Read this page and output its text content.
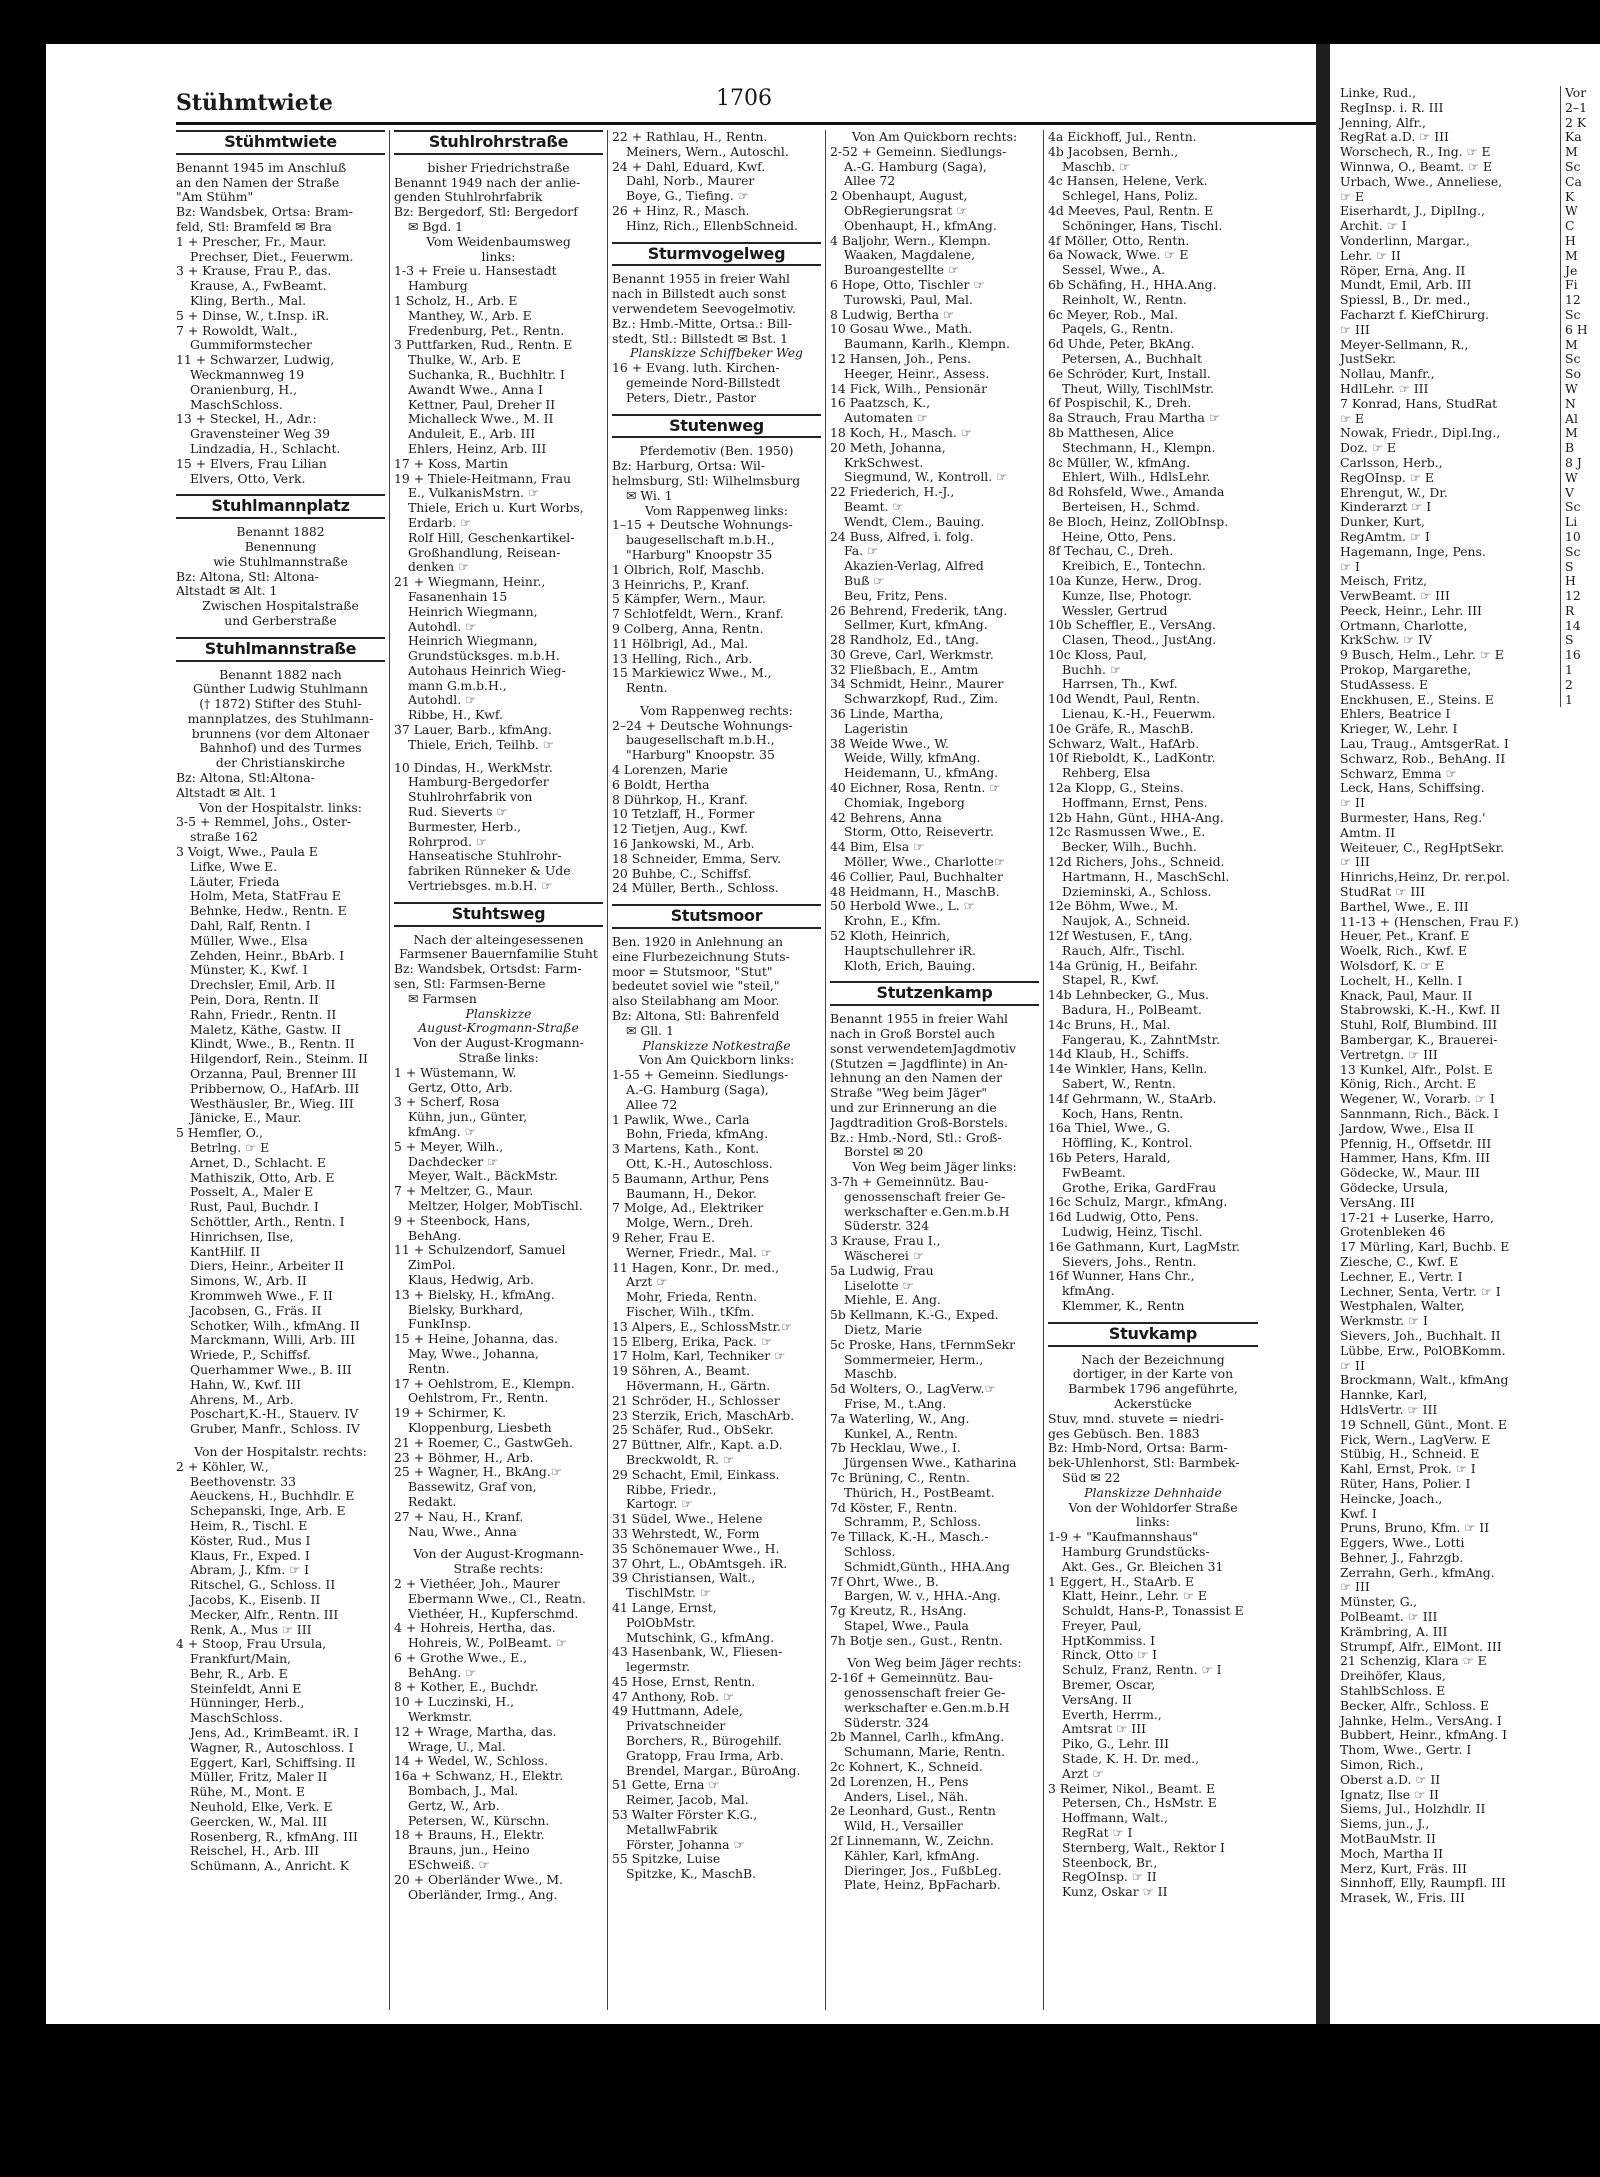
Stühmtwiete	1706
Stühmtwiete
Benannt 1945 im Anschluß
an den Namen der Straße
"Am Stühm"
Bz: Wandsbek, Ortsa: Bram-
feld, Stl: Bramfeld ✉ Bra
1 + Prescher, Fr., Maur.
Prechser, Diet., Feuerwm.
3 + Krause, Frau P., das.
Krause, A., FwBeamt.
Kling, Berth., Mal.
5 + Dinse, W., t.Insp. iR.
7 + Rowoldt, Walt.,
Gummiformstecher
11 + Schwarzer, Ludwig,
Weckmannweg 19
Oranienburg, H.,
MaschSchloss.
13 + Steckel, H., Adr.:
Gravensteiner Weg 39
Lindzadia, H., Schlacht.
15 + Elvers, Frau Lilian
Elvers, Otto, Verk.
Stuhlmannplatz
Benannt 1882
Benennung
wie Stuhlmannstraße
Bz: Altona, Stl: Altona-
Altstadt ✉ Alt. 1
Zwischen Hospitalstraße
und Gerberstraße
Stuhlmannstraße
Benannt 1882 nach
Günther Ludwig Stuhlmann
(† 1872) Stifter des Stuhl-
mannplatzes, des Stuhlmann-
brunnens (vor dem Altonaer
Bahnhof) und des Turmes
der Christianskirche
Bz: Altona, Stl:Altona-
Altstadt ✉ Alt. 1
Von der Hospitalstr. links:
3-5 + Remmel, Johs., Oster-
straße 162
3 Voigt, Wwe., Paula E
Lifke, Wwe E.
Läuter, Frieda
Holm, Meta, StatFrau E
Behnke, Hedw., Rentn. E
Dahl, Ralf, Rentn. I
Müller, Wwe., Elsa
Zehden, Heinr., BbArb. I
Münster, K., Kwf. I
Drechsler, Emil, Arb. II
Pein, Dora, Rentn. II
Rahn, Friedr., Rentn. II
Maletz, Käthe, Gastw. II
Klindt, Wwe., B., Rentn. II
Hilgendorf, Rein., Steinm. II
Orzanna, Paul, Brenner III
Pribbernow, O., HafArb. III
Westhäusler, Br., Wieg. III
Jänicke, E., Maur.
5 Hemfler, O.,
Betrlng. ☞ E
Arnet, D., Schlacht. E
Mathiszik, Otto, Arb. E
Posselt, A., Maler E
Rust, Paul, Buchdr. I
Schöttler, Arth., Rentn. I
Hinrichsen, Ilse,
KantHilf. II
Diers, Heinr., Arbeiter II
Simons, W., Arb. II
Krommweh Wwe., F. II
Jacobsen, G., Fräs. II
Schotker, Wilh., kfmAng. II
Marckmann, Willi, Arb. III
Wriede, P., Schiffsf.
Querhammer Wwe., B. III
Hahn, W., Kwf. III
Ahrens, M., Arb.
Poschart,K.-H., Stauerv. IV
Gruber, Manfr., Schloss. IV
Von der Hospitalstr. rechts:
2 + Köhler, W.,
Beethovenstr. 33
Aeuckens, H., Buchhdlr. E
Schepanski, Inge, Arb. E
Heim, R., Tischl. E
Köster, Rud., Mus I
Klaus, Fr., Exped. I
Abram, J., Kfm. ☞ I
Ritschel, G., Schloss. II
Jacobs, K., Eisenb. II
Mecker, Alfr., Rentn. III
Renk, A., Mus ☞ III
4 + Stoop, Frau Ursula,
Frankfurt/Main,
Behr, R., Arb. E
Steinfeldt, Anni E
Hünninger, Herb.,
MaschSchloss.
Jens, Ad., KrimBeamt. iR. I
Wagner, R., Autoschloss. I
Eggert, Karl, Schiffsing. II
Müller, Fritz, Maler II
Rühe, M., Mont. E
Neuhold, Elke, Verk. E
Geercken, W., Mal. III
Rosenberg, R., kfmAng. III
Reischel, H., Arb. III
Schümann, A., Anricht. K
Stuhlrohrstraße
bisher Friedrichstraße
Benannt 1949 nach der anlie-
genden Stuhlrohrfabrik
Bz: Bergedorf, Stl: Bergedorf
✉ Bgd. 1
Vom Weidenbaumsweg
links:
1-3 + Freie u. Hansestadt
Hamburg
1 Scholz, H., Arb. E
Manthey, W., Arb. E
Fredenburg, Pet., Rentn.
3 Puttfarken, Rud., Rentn. E
Thulke, W., Arb. E
Suchanka, R., Buchhltr. I
Awandt Wwe., Anna I
Kettner, Paul, Dreher II
Michalleck Wwe., M. II
Anduleit, E., Arb. III
Ehlers, Heinz, Arb. III
17 + Koss, Martin
19 + Thiele-Heitmann, Frau
E., VulkanisMstrn. ☞
Thiele, Erich u. Kurt Worbs,
Erdarb. ☞
Rolf Hill, Geschenkartikel-
Großhandlung, Reisean-
denken ☞
21 + Wiegmann, Heinr.,
Fasanenhain 15
Heinrich Wiegmann,
Autohdl. ☞
Heinrich Wiegmann,
Grundstücksges. m.b.H.
Autohaus Heinrich Wieg-
mann G.m.b.H.,
Autohdl. ☞
Ribbe, H., Kwf.
37 Lauer, Barb., kfmAng.
Thiele, Erich, Teilhb. ☞
10 Dindas, H., WerkMstr.
Hamburg-Bergedorfer
Stuhlrohrfabrik von
Rud. Sieverts ☞
Burmester, Herb.,
Rohrprod. ☞
Hanseatische Stuhlrohr-
fabriken Rünneker & Ude
Vertriebsges. m.b.H. ☞
Stuhtsweg
Nach der alteingesessenen
Farmsener Bauernfamilie Stuht
Bz: Wandsbek, Ortsdst: Farm-
sen, Stl: Farmsen-Berne
✉ Farmsen
Planskizze
August-Krogmann-Straße
Von der August-Krogmann-
Straße links:
1 + Wüstemann, W.
Gertz, Otto, Arb.
3 + Scherf, Rosa
Kühn, jun., Günter,
kfmAng. ☞
5 + Meyer, Wilh.,
Dachdecker ☞
Meyer, Walt., BäckMstr.
7 + Meltzer, G., Maur.
Meltzer, Holger, MobTischl.
9 + Steenbock, Hans,
BehAng.
11 + Schulzendorf, Samuel
ZimPol.
Klaus, Hedwig, Arb.
13 + Bielsky, H., kfmAng.
Bielsky, Burkhard,
FunkInsp.
15 + Heine, Johanna, das.
May, Wwe., Johanna,
Rentn.
17 + Oehlstrom, E., Klempn.
Oehlstrom, Fr., Rentn.
19 + Schirmer, K.
Kloppenburg, Liesbeth
21 + Roemer, C., GastwGeh.
23 + Böhmer, H., Arb.
25 + Wagner, H., BkAng.☞
Bassewitz, Graf von,
Redakt.
27 + Nau, H., Kranf.
Nau, Wwe., Anna
Von der August-Krogmann-
Straße rechts:
2 + Viethéer, Joh., Maurer
Ebermann Wwe., Cl., Reatn.
Viethéer, H., Kupferschmd.
4 + Hohreis, Hertha, das.
Hohreis, W., PolBeamt. ☞
6 + Grothe Wwe., E.,
BehAng. ☞
8 + Kother, E., Buchdr.
10 + Luczinski, H.,
Werkmstr.
12 + Wrage, Martha, das.
Wrage, U., Mal.
14 + Wedel, W., Schloss.
16a + Schwanz, H., Elektr.
Bombach, J., Mal.
Gertz, W., Arb.
Petersen, W., Kürschn.
18 + Brauns, H., Elektr.
Brauns, jun., Heino
ESchweiß. ☞
20 + Oberländer Wwe., M.
Oberländer, Irmg., Ang.
22 + Rathlau, H., Rentn.
Meiners, Wern., Autoschl.
24 + Dahl, Eduard, Kwf.
Dahl, Norb., Maurer
Boye, G., Tiefing. ☞
26 + Hinz, R., Masch.
Hinz, Rich., EllenbSchneid.
Sturmvogelweg
Benannt 1955 in freier Wahl
nach in Billstedt auch sonst
verwendetem Seevogelmotiv.
Bz.: Hmb.-Mitte, Ortsa.: Bill-
stedt, Stl.: Billstedt ✉ Bst. 1
Planskizze Schiffbeker Weg
16 + Evang. luth. Kirchen-
gemeinde Nord-Billstedt
Peters, Dietr., Pastor
Stutenweg
Pferdemotiv (Ben. 1950)
Bz: Harburg, Ortsa: Wil-
helmsburg, Stl: Wilhelmsburg
✉ Wi. 1
Vom Rappenweg links:
1–15 + Deutsche Wohnungs-
baugesellschaft m.b.H.,
"Harburg" Knoopstr 35
1 Olbrich, Rolf, Maschb.
3 Heinrichs, P., Kranf.
5 Kämpfer, Wern., Maur.
7 Schlotfeldt, Wern., Kranf.
9 Colberg, Anna, Rentn.
11 Hölbrigl, Ad., Mal.
13 Helling, Rich., Arb.
15 Markiewicz Wwe., M.,
Rentn.
Vom Rappenweg rechts:
2–24 + Deutsche Wohnungs-
baugesellschaft m.b.H.,
"Harburg" Knoopstr. 35
4 Lorenzen, Marie
6 Boldt, Hertha
8 Dührkop, H., Kranf.
10 Tetzlaff, H., Former
12 Tietjen, Aug., Kwf.
16 Jankowski, M., Arb.
18 Schneider, Emma, Serv.
20 Buhbe, C., Schiffsf.
24 Müller, Berth., Schloss.
Stutsmoor
Ben. 1920 in Anlehnung an
eine Flurbezeichnung Stuts-
moor = Stutsmoor, "Stut"
bedeutet soviel wie "steil,"
also Steilabhang am Moor.
Bz: Altona, Stl: Bahrenfeld
✉ Gll. 1
Planskizze Notkestraße
Von Am Quickborn links:
1-55 + Gemeinn. Siedlungs-
A.-G. Hamburg (Saga),
Allee 72
1 Pawlik, Wwe., Carla
Bohn, Frieda, kfmAng.
3 Martens, Kath., Kont.
Ott, K.-H., Autoschloss.
5 Baumann, Arthur, Pens
Baumann, H., Dekor.
7 Molge, Ad., Elektriker
Molge, Wern., Dreh.
9 Reher, Frau E.
Werner, Friedr., Mal. ☞
11 Hagen, Konr., Dr. med.,
Arzt ☞
Mohr, Frieda, Rentn.
Fischer, Wilh., tKfm.
13 Alpers, E., SchlossMstr.☞
15 Elberg, Erika, Pack. ☞
17 Holm, Karl, Techniker ☞
19 Söhren, A., Beamt.
Hövermann, H., Gärtn.
21 Schröder, H., Schlosser
23 Sterzik, Erich, MaschArb.
25 Schäfer, Rud., ObSekr.
27 Büttner, Alfr., Kapt. a.D.
Breckwoldt, R. ☞
29 Schacht, Emil, Einkass.
Ribbe, Friedr.,
Kartogr. ☞
31 Südel, Wwe., Helene
33 Wehrstedt, W., Form
35 Schönemauer Wwe., H.
37 Ohrt, L., ObAmtsgeh. iR.
39 Christiansen, Walt.,
TischlMstr. ☞
41 Lange, Ernst,
PolObMstr.
Mutschink, G., kfmAng.
43 Hasenbank, W., Fliesen-
legermstr.
45 Hose, Ernst, Rentn.
47 Anthony, Rob. ☞
49 Huttmann, Adele,
Privatschneider
Borchers, R., Bürogehilf.
Gratopp, Frau Irma, Arb.
Brendel, Margar., BüroAng.
51 Gette, Erna ☞
Reimer, Jacob, Mal.
53 Walter Förster K.G.,
MetallwFabrik
Förster, Johanna ☞
55 Spitzke, Luise
Spitzke, K., MaschB.
Von Am Quickborn rechts:
2-52 + Gemeinn. Siedlungs-
A.-G. Hamburg (Saga),
Allee 72
2 Obenhaupt, August,
ObRegierungsrat ☞
Obenhaupt, H., kfmAng.
4 Baljohr, Wern., Klempn.
Waaken, Magdalene,
Buroangestellte ☞
6 Hope, Otto, Tischler ☞
Turowski, Paul, Mal.
8 Ludwig, Bertha ☞
10 Gosau Wwe., Math.
Baumann, Karlh., Klempn.
12 Hansen, Joh., Pens.
Heeger, Heinr., Assess.
14 Fick, Wilh., Pensionär
16 Paatzsch, K.,
Automaten ☞
18 Koch, H., Masch. ☞
20 Meth, Johanna,
KrkSchwest.
Siegmund, W., Kontroll. ☞
22 Friederich, H.-J.,
Beamt. ☞
Wendt, Clem., Bauing.
24 Buss, Alfred, i. folg.
Fa. ☞
Akazien-Verlag, Alfred
Buß ☞
Beu, Fritz, Pens.
26 Behrend, Frederik, tAng.
Sellmer, Kurt, kfmAng.
28 Randholz, Ed., tAng.
30 Greve, Carl, Werkmstr.
32 Fließbach, E., Amtm
34 Schmidt, Heinr., Maurer
Schwarzkopf, Rud., Zim.
36 Linde, Martha,
Lageristin
38 Weide Wwe., W.
Weide, Willy, kfmAng.
Heidemann, U., kfmAng.
40 Eichner, Rosa, Rentn. ☞
Chomiak, Ingeborg
42 Behrens, Anna
Storm, Otto, Reisevertr.
44 Bim, Elsa ☞
Möller, Wwe., Charlotte☞
46 Collier, Paul, Buchhalter
48 Heidmann, H., MaschB.
50 Herbold Wwe., L. ☞
Krohn, E., Kfm.
52 Kloth, Heinrich,
Hauptschullehrer iR.
Kloth, Erich, Bauing.
Stutzenkamp
Benannt 1955 in freier Wahl
nach in Groß Borstel auch
sonst verwendetemJagdmotiv
(Stutzen = Jagdflinte) in An-
lehnung an den Namen der
Straße "Weg beim Jäger"
und zur Erinnerung an die
Jagdtradition Groß-Borstels.
Bz.: Hmb.-Nord, Stl.: Groß-
Borstel ✉ 20
Von Weg beim Jäger links:
3-7h + Gemeinnütz. Bau-
genossenschaft freier Ge-
werkschafter e.Gen.m.b.H
Süderstr. 324
3 Krause, Frau I.,
Wäscherei ☞
5a Ludwig, Frau
Liselotte ☞
Miehle, E. Ang.
5b Kellmann, K.-G., Exped.
Dietz, Marie
5c Proske, Hans, tFernmSekr
Sommermeier, Herm.,
Maschb.
5d Wolters, O., LagVerw.☞
Frise, M., t.Ang.
7a Waterling, W., Ang.
Kunkel, A., Rentn.
7b Hecklau, Wwe., I.
Jürgensen Wwe., Katharina
7c Brüning, C., Rentn.
Thürich, H., PostBeamt.
7d Köster, F., Rentn.
Schramm, P., Schloss.
7e Tillack, K.-H., Masch.-
Schloss.
Schmidt,Günth., HHA.Ang
7f Ohrt, Wwe., B.
Bargen, W. v., HHA.-Ang.
7g Kreutz, R., HsAng.
Stapel, Wwe., Paula
7h Botje sen., Gust., Rentn.
Von Weg beim Jäger rechts:
2-16f + Gemeinnütz. Bau-
genossenschaft freier Ge-
werkschafter e.Gen.m.b.H
Süderstr. 324
2b Mannel, Carlh., kfmAng.
Schumann, Marie, Rentn.
2c Kohnert, K., Schneid.
2d Lorenzen, H., Pens
Anders, Lisel., Näh.
2e Leonhard, Gust., Rentn
Wild, H., Versailler
2f Linnemann, W., Zeichn.
Kähler, Karl, kfmAng.
Dieringer, Jos., FußbLeg.
Plate, Heinz, BpFacharb.
4a Eickhoff, Jul., Rentn.
4b Jacobsen, Bernh.,
Maschb. ☞
4c Hansen, Helene, Verk.
Schlegel, Hans, Poliz.
4d Meeves, Paul, Rentn. E
Schöninger, Hans, Tischl.
4f Möller, Otto, Rentn.
6a Nowack, Wwe. ☞ E
Sessel, Wwe., A.
6b Schäfing, H., HHA.Ang.
Reinholt, W., Rentn.
6c Meyer, Rob., Mal.
Paqels, G., Rentn.
6d Uhde, Peter, BkAng.
Petersen, A., Buchhalt
6e Schröder, Kurt, Install.
Theut, Willy, TischlMstr.
6f Pospischil, K., Dreh.
8a Strauch, Frau Martha ☞
8b Matthesen, Alice
Stechmann, H., Klempn.
8c Müller, W., kfmAng.
Ehlert, Wilh., HdlsLehr.
8d Rohsfeld, Wwe., Amanda
Berteisen, H., Schmd.
8e Bloch, Heinz, ZollObInsp.
Heine, Otto, Pens.
8f Techau, C., Dreh.
Kreibich, E., Tontechn.
10a Kunze, Herw., Drog.
Kunze, Ilse, Photogr.
Wessler, Gertrud
10b Scheffler, E., VersAng.
Clasen, Theod., JustAng.
10c Kloss, Paul,
Buchh. ☞
Harrsen, Th., Kwf.
10d Wendt, Paul, Rentn.
Lienau, K.-H., Feuerwm.
10e Gräfe, R., MaschB.
Schwarz, Walt., HafArb.
10f Rieboldt, K., LadKontr.
Rehberg, Elsa
12a Klopp, G., Steins.
Hoffmann, Ernst, Pens.
12b Hahn, Günt., HHA-Ang.
12c Rasmussen Wwe., E.
Becker, Wilh., Buchh.
12d Richers, Johs., Schneid.
Hartmann, H., MaschSchl.
Dzieminski, A., Schloss.
12e Böhm, Wwe., M.
Naujok, A., Schneid.
12f Westusen, F., tAng.
Rauch, Alfr., Tischl.
14a Grünig, H., Beifahr.
Stapel, R., Kwf.
14b Lehnbecker, G., Mus.
Badura, H., PolBeamt.
14c Bruns, H., Mal.
Fangerau, K., ZahntMstr.
14d Klaub, H., Schiffs.
14e Winkler, Hans, Kelln.
Sabert, W., Rentn.
14f Gehrmann, W., StaArb.
Koch, Hans, Rentn.
16a Thiel, Wwe., G.
Höffling, K., Kontrol.
16b Peters, Harald,
FwBeamt.
Grothe, Erika, GardFrau
16c Schulz, Margr., kfmAng.
16d Ludwig, Otto, Pens.
Ludwig, Heinz, Tischl.
16e Gathmann, Kurt, LagMstr.
Sievers, Johs., Rentn.
16f Wunner, Hans Chr.,
kfmAng.
Klemmer, K., Rentn
Stuvkamp
Nach der Bezeichnung
dortiger, in der Karte von
Barmbek 1796 angeführte,
Ackerstücke
Stuv, mnd. stuvete = niedri-
ges Gebüsch. Ben. 1883
Bz: Hmb-Nord, Ortsa: Barm-
bek-Uhlenhorst, Stl: Barmbek-
Süd ✉ 22
Planskizze Dehnhaide
Von der Wohldorfer Straße
links:
1-9 + "Kaufmannshaus"
Hamburg Grundstücks-
Akt. Ges., Gr. Bleichen 31
1 Eggert, H., StaArb. E
Klatt, Heinr., Lehr. ☞ E
Schuldt, Hans-P., Tonassist E
Freyer, Paul,
HptKommiss. I
Rinck, Otto ☞ I
Schulz, Franz, Rentn. ☞ I
Bremer, Oscar,
VersAng. II
Everth, Herrm.,
Amtsrat ☞ III
Piko, G., Lehr. III
Stade, K. H. Dr. med.,
Arzt ☞
3 Reimer, Nikol., Beamt. E
Petersen, Ch., HsMstr. E
Hoffmann, Walt.,
RegRat ☞ I
Sternberg, Walt., Rektor I
Steenbock, Br.,
RegOInsp. ☞ II
Kunz, Oskar ☞ II
Linke, Rud.,
RegInsp. i. R. III
Jenning, Alfr.,
RegRat a.D. ☞ III
Worschech, R., Ing. ☞ E
Winnwa, O., Beamt. ☞ E
Urbach, Wwe., Anneliese,
☞ E
Eiserhardt, J., DiplIng.,
Archit. ☞ I
Vonderlinn, Margar.,
Lehr. ☞ II
Röper, Erna, Ang. II
Mundt, Emil, Arb. III
Spiessl, B., Dr. med.,
Facharzt f. KiefChirurg.
☞ III
Meyer-Sellmann, R.,
JustSekr.
Nollau, Manfr.,
HdlLehr. ☞ III
7 Konrad, Hans, StudRat
☞ E
Nowak, Friedr., Dipl.Ing.,
Doz. ☞ E
Carlsson, Herb.,
RegOInsp. ☞ E
Ehrengut, W., Dr.
Kinderarzt ☞ I
Dunker, Kurt,
RegAmtm. ☞ I
Hagemann, Inge, Pens.
☞ I
Meisch, Fritz,
VerwBeamt. ☞ III
Peeck, Heinr., Lehr. III
Ortmann, Charlotte,
KrkSchw. ☞ IV
9 Busch, Helm., Lehr. ☞ E
Prokop, Margarethe,
StudAssess. E
Enckhusen, E., Steins. E
Ehlers, Beatrice I
Krieger, W., Lehr. I
Lau, Traug., AmtsgerRat. I
Schwarz, Rob., BehAng. II
Schwarz, Emma ☞
Leck, Hans, Schiffsing.
☞ II
Burmester, Hans, Reg.'
Amtm. II
Weiteuer, C., RegHptSekr.
☞ III
Hinrichs,Heinz, Dr. rer.pol.
StudRat ☞ III
Barthel, Wwe., E. III
11-13 + (Henschen, Frau F.)
Heuer, Pet., Kranf. E
Woelk, Rich., Kwf. E
Wolsdorf, K. ☞ E
Lochelt, H., Kelln. I
Knack, Paul, Maur. II
Stabrowski, K.-H., Kwf. II
Stuhl, Rolf, Blumbind. III
Bambergar, K., Brauerei-
Vertretgn. ☞ III
13 Kunkel, Alfr., Polst. E
König, Rich., Archt. E
Wegener, W., Vorarb. ☞ I
Sannmann, Rich., Bäck. I
Jardow, Wwe., Elsa II
Pfennig, H., Offsetdr. III
Hammer, Hans, Kfm. III
Gödecke, W., Maur. III
Gödecke, Ursula,
VersAng. III
17-21 + Luserke, Harro,
Grotenbleken 46
17 Mürling, Karl, Buchb. E
Ziesche, C., Kwf. E
Lechner, E., Vertr. I
Lechner, Senta, Vertr. ☞ I
Westphalen, Walter,
Werkmstr. ☞ I
Sievers, Joh., Buchhalt. II
Lübbe, Erw., PolOBKomm.
☞ II
Brockmann, Walt., kfmAng
Hannke, Karl,
HdlsVertr. ☞ III
19 Schnell, Günt., Mont. E
Fick, Wern., LagVerw. E
Stübig, H., Schneid. E
Kahl, Ernst, Prok. ☞ I
Rüter, Hans, Polier. I
Heincke, Joach.,
Kwf. I
Pruns, Bruno, Kfm. ☞ II
Eggers, Wwe., Lotti
Behner, J., Fahrzgb.
Zerrahn, Gerh., kfmAng.
☞ III
Münster, G.,
PolBeamt. ☞ III
Krämbring, A. III
Strumpf, Alfr., ElMont. III
21 Schenzig, Klara ☞ E
Dreihöfer, Klaus,
StahlbSchloss. E
Becker, Alfr., Schloss. E
Jahnke, Helm., VersAng. I
Bubbert, Heinr., kfmAng. I
Thom, Wwe., Gertr. I
Simon, Rich.,
Oberst a.D. ☞ II
Ignatz, Ilse ☞ II
Siems, Jul., Holzhdlr. II
Siems, jun., J.,
MotBauMstr. II
Moch, Martha II
Merz, Kurt, Fräs. III
Sinnhoff, Elly, Raumpfl. III
Mrasek, W., Fris. III
Vor
2–1
2 K
Ka
M
Sc
Ca
K
W
C
H
M
Je
Fi
12
Sc
6 H
M
Sc
So
W
N
Al
M
B
8 J
W
V
Sc
Li
10
Sc
S
H
12
R
14
S
16
1
2
1
